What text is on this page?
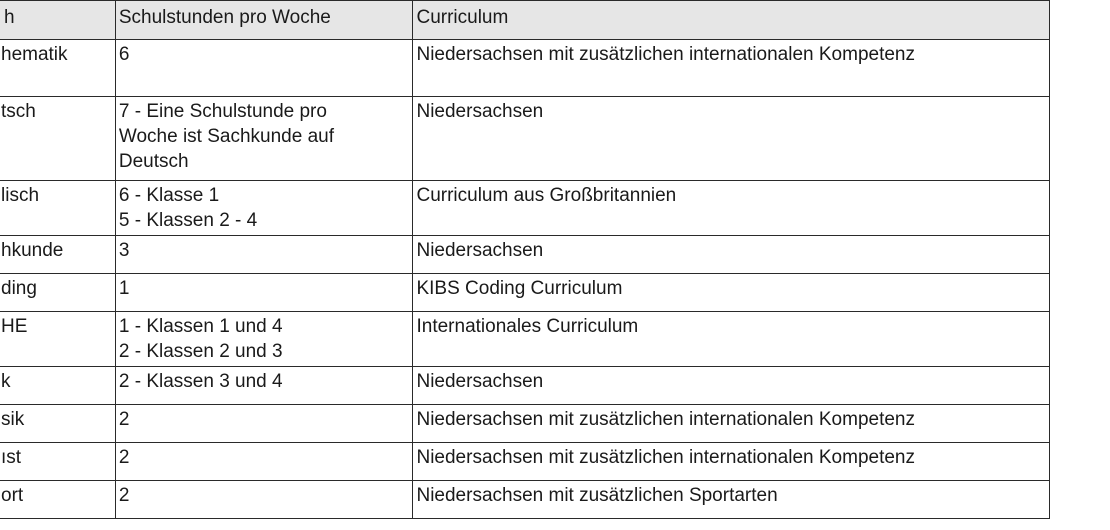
h	Schulstunden pro Woche	Curriculum
hematik	6	Niedersachsen mit zusätzlichen internationalen Kompetenz

tsch	7 - Eine Schulstunde pro
Woche ist Sachkunde auf
Deutsch	Niedersachsen

lisch	6 - Klasse 1
5 - Klassen 2 - 4	Curriculum aus Großbritannien

hkunde	3	Niedersachsen

ding	1	KIBS Coding Curriculum

HE	1 - Klassen 1 und 4
2 - Klassen 2 und 3	Internationales Curriculum

k	2 - Klassen 3 und 4	Niedersachsen

sik	2	Niedersachsen mit zusätzlichen internationalen Kompetenz

ıst	2	Niedersachsen mit zusätzlichen internationalen Kompetenz

ort	2	Niedersachsen mit zusätzlichen Sportarten
